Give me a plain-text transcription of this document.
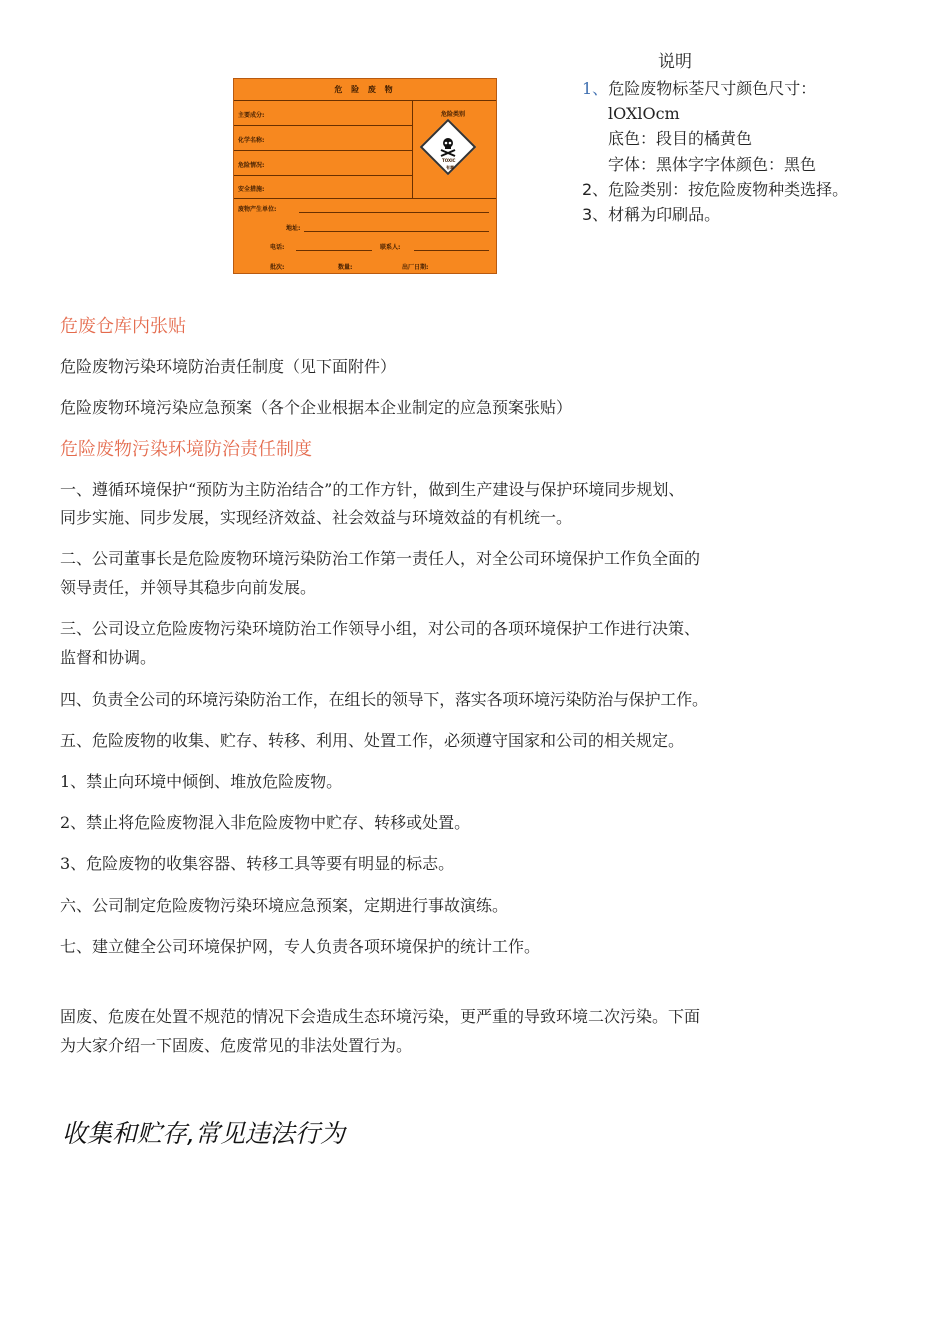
危 险 废 物
主要成分:
化学名称:
危险情况:
安全措施:
危险类别
TOXIC
有毒
废物产生单位:
地址:
电话:	联系人:
批次:	数量:	出厂日期:
说明
1、危险废物标荃尺寸颜色尺寸：
lOXlOcm
底色：段目的橘黄色
字体：黑体字字体颜色：黑色
2、危险类别：按危险废物种类选择。
3、材稱为印刷品。
危废仓库内张贴
危险废物污染环境防治责任制度（见下面附件）
危险废物环境污染应急预案（各个企业根据本企业制定的应急预案张贴）
危险废物污染环境防治责任制度
一、遵循环境保护“预防为主防治结合”的工作方针，做到生产建设与保护环境同步规划、
同步实施、同步发展，实现经济效益、社会效益与环境效益的有机统一。
二、公司董事长是危险废物环境污染防治工作第一责任人，对全公司环境保护工作负全面的
领导责任，并领导其稳步向前发展。
三、公司设立危险废物污染环境防治工作领导小组，对公司的各项环境保护工作进行决策、
监督和协调。
四、负责全公司的环境污染防治工作，在组长的领导下，落实各项环境污染防治与保护工作。
五、危险废物的收集、贮存、转移、利用、处置工作，必须遵守国家和公司的相关规定。
1、禁止向环境中倾倒、堆放危险废物。
2、禁止将危险废物混入非危险废物中贮存、转移或处置。
3、危险废物的收集容器、转移工具等要有明显的标志。
六、公司制定危险废物污染环境应急预案，定期进行事故演练。
七、建立健全公司环境保护网，专人负责各项环境保护的统计工作。
固废、危废在处置不规范的情况下会造成生态环境污染，更严重的导致环境二次污染。下面
为大家介绍一下固废、危废常见的非法处置行为。
收集和贮存,常见违法行为
